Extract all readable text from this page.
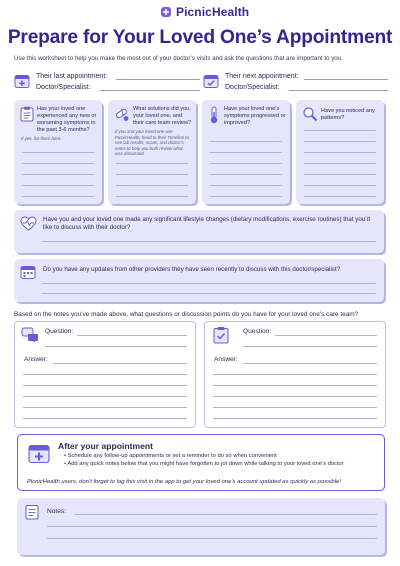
PicnicHealth
Prepare for Your Loved One’s Appointment
Use this worksheet to help you make the most out of your doctor’s visits and ask the questions that are important to you.
Their last appointment:
Doctor/Specialist:
Their next appointment:
Doctor/Specialist:
Has your loved one experienced any new or worsening symptoms in the past 3-6 months?
If yes, list them here:
What solutions did you, your loved one, and their care team review?
If you and your loved one use PicnicHealth, head to their Timeline to see lab results, scans, and doctor’s notes to help you both review what was discussed.
Have your loved one’s symptoms progressed or improved?
Have you noticed any patterns?
Have you and your loved one made any significant lifestyle changes (dietary modifications, exercise routines) that you’d like to discuss with their doctor?
Do you have any updates from other providers they have seen recently to discuss with this doctor/specialist?
Based on the notes you’ve made above, what questions or discussion points do you have for your loved one’s care team?
Question:
Answer:
Question:
Answer:
After your appointment
• Schedule any follow-up appointments or set a reminder to do so when convenient
• Add any quick notes below that you might have forgotten to jot down while talking to your loved one’s doctor
PicnicHealth users, don’t forget to log this visit in the app to get your loved one’s account updated as quickly as possible!
Notes:
